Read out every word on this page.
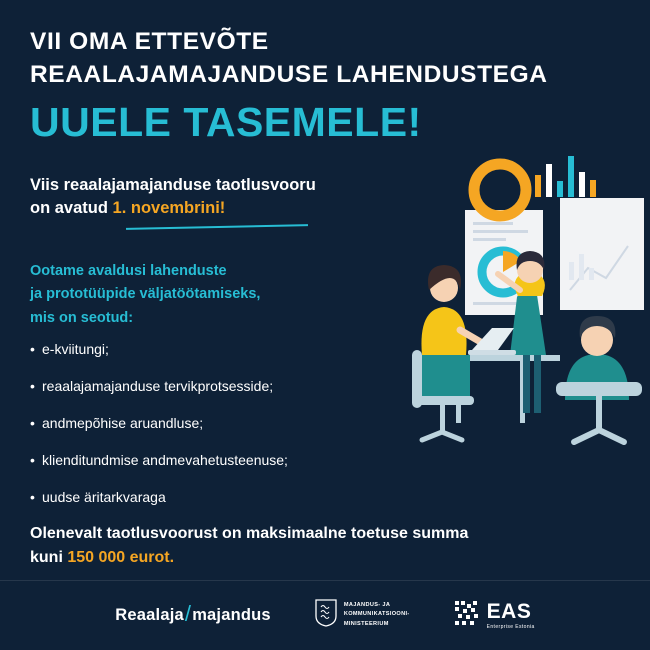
VII OMA ETTEVÕTE
REAALAJAMAJANDUSE LAHENDUSTEGA
UUELE TASEMELE!
Viis reaalajamajanduse taotlusvooru
on avatud 1. novembrini!
Ootame avaldusi lahenduste
ja prototüüpide väljatöötamiseks,
mis on seotud:
• e-kviitungi;
• reaalajamajanduse tervikprotsesside;
• andmepõhise aruandluse;
• klienditundmise andmevahetusteenuse;
• uudse äritarkvaraga
Olenevalt taotlusvoorust on maksimaalne toetuse summa
kuni 150 000 eurot.
Reaalaja / majandus
MAJANDUS- JA
KOMMUNIKATSIOONI-
MINISTEERIUM
EAS
Enterprise Estonia
